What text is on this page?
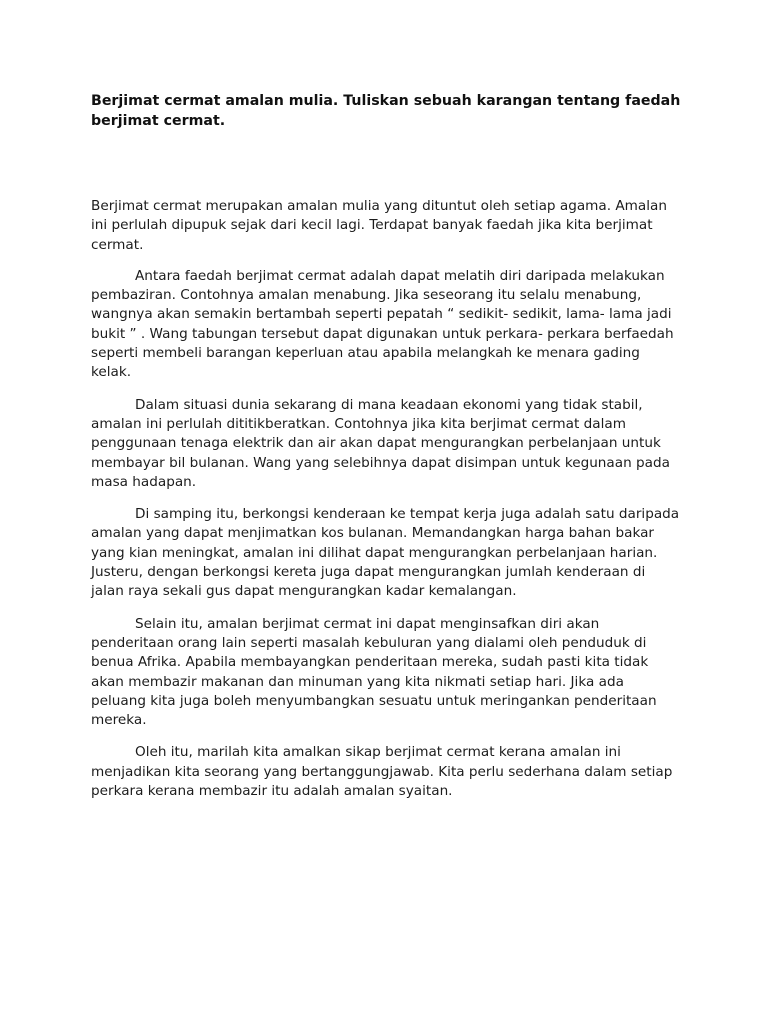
Berjimat cermat amalan mulia. Tuliskan sebuah karangan tentang faedah berjimat cermat.

Berjimat cermat merupakan amalan mulia yang dituntut oleh setiap agama. Amalan ini perlulah dipupuk sejak dari kecil lagi. Terdapat banyak faedah jika kita berjimat cermat.

Antara faedah berjimat cermat adalah dapat melatih diri daripada melakukan pembaziran. Contohnya amalan menabung. Jika seseorang itu selalu menabung, wangnya akan semakin bertambah seperti pepatah “ sedikit- sedikit, lama- lama jadi bukit ” . Wang tabungan tersebut dapat digunakan untuk perkara- perkara berfaedah seperti membeli barangan keperluan atau apabila melangkah ke menara gading kelak.

Dalam situasi dunia sekarang di mana keadaan ekonomi yang tidak stabil, amalan ini perlulah dititikberatkan. Contohnya jika kita berjimat cermat dalam penggunaan tenaga elektrik dan air akan dapat mengurangkan perbelanjaan untuk membayar bil bulanan. Wang yang selebihnya dapat disimpan untuk kegunaan pada masa hadapan.

Di samping itu, berkongsi kenderaan ke tempat kerja juga adalah satu daripada amalan yang dapat menjimatkan kos bulanan. Memandangkan harga bahan bakar yang kian meningkat, amalan ini dilihat dapat mengurangkan perbelanjaan harian. Justeru, dengan berkongsi kereta juga dapat mengurangkan jumlah kenderaan di jalan raya sekali gus dapat mengurangkan kadar kemalangan.

Selain itu, amalan berjimat cermat ini dapat menginsafkan diri akan penderitaan orang lain seperti masalah kebuluran yang dialami oleh penduduk di benua Afrika. Apabila membayangkan penderitaan mereka, sudah pasti kita tidak akan membazir makanan dan minuman yang kita nikmati setiap hari. Jika ada peluang kita juga boleh menyumbangkan sesuatu untuk meringankan penderitaan mereka.

Oleh itu, marilah kita amalkan sikap berjimat cermat kerana amalan ini menjadikan kita seorang yang bertanggungjawab. Kita perlu sederhana dalam setiap perkara kerana membazir itu adalah amalan syaitan.
